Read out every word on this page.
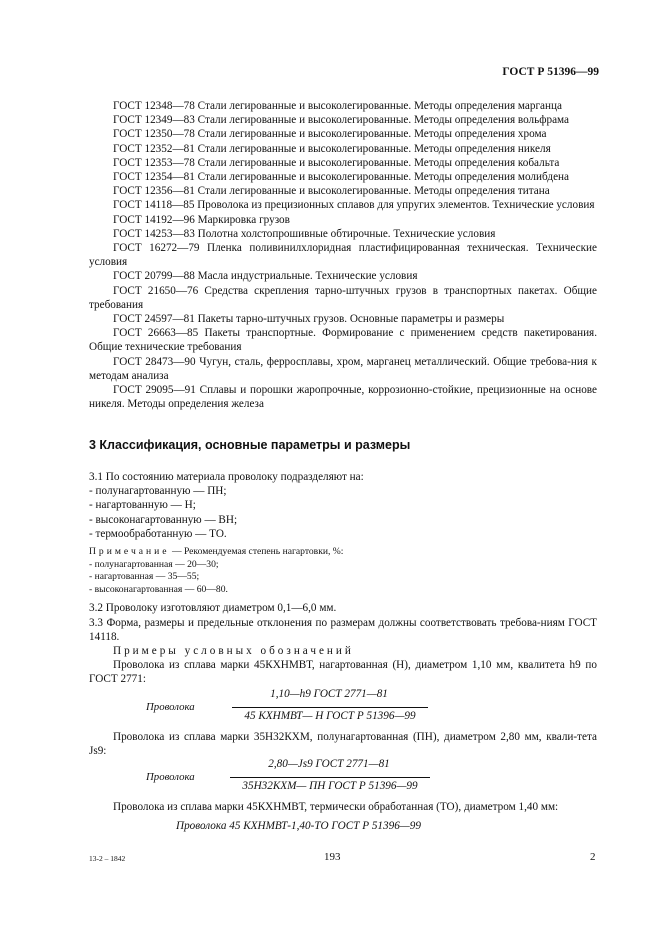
ГОСТ Р 51396—99

ГОСТ 12348—78 Стали легированные и высоколегированные. Методы определения марганца

ГОСТ 12349—83 Стали легированные и высоколегированные. Методы определения вольфрама

ГОСТ 12350—78 Стали легированные и высоколегированные. Методы определения хрома

ГОСТ 12352—81 Стали легированные и высоколегированные. Методы определения никеля

ГОСТ 12353—78 Стали легированные и высоколегированные. Методы определения кобальта

ГОСТ 12354—81 Стали легированные и высоколегированные. Методы определения молибдена

ГОСТ 12356—81 Стали легированные и высоколегированные. Методы определения титана

ГОСТ 14118—85 Проволока из прецизионных сплавов для упругих элементов. Технические условия

ГОСТ 14192—96 Маркировка грузов

ГОСТ 14253—83 Полотна холстопрошивные обтирочные. Технические условия

ГОСТ 16272—79 Пленка поливинилхлоридная пластифицированная техническая. Технические условия

ГОСТ 20799—88 Масла индустриальные. Технические условия

ГОСТ 21650—76 Средства скрепления тарно-штучных грузов в транспортных пакетах. Общие требования

ГОСТ 24597—81 Пакеты тарно-штучных грузов. Основные параметры и размеры

ГОСТ 26663—85 Пакеты транспортные. Формирование с применением средств пакетирования. Общие технические требования

ГОСТ 28473—90 Чугун, сталь, ферросплавы, хром, марганец металлический. Общие требова-ния к методам анализа

ГОСТ 29095—91 Сплавы и порошки жаропрочные, коррозионно-стойкие, прецизионные на основе никеля. Методы определения железа

3 Классификация, основные параметры и размеры

3.1 По состоянию материала проволоку подразделяют на:

- полунагартованную — ПН;

- нагартованную — Н;

- высоконагартованную — ВН;

- термообработанную — ТО.

Примечание — Рекомендуемая степень нагартовки, %:

- полунагартованная — 20—30;

- нагартованная — 35—55;

- высоконагартованная — 60—80.

3.2 Проволоку изготовляют диаметром 0,1—6,0 мм.

3.3 Форма, размеры и предельные отклонения по размерам должны соответствовать требова-ниям ГОСТ 14118.

Примеры условных обозначений

Проволока из сплава марки 45КХНМВТ, нагартованная (Н), диаметром 1,10 мм, квалитета h9 по ГОСТ 2771:

Проволока
1,10—h9 ГОСТ 2771—81
45 КХНМВТ— Н ГОСТ Р 51396—99

Проволока из сплава марки 35Н32КХМ, полунагартованная (ПН), диаметром 2,80 мм, квали-тета Js9:

Проволока
2,80—Js9 ГОСТ 2771—81
35Н32КХМ— ПН ГОСТ Р 51396—99

Проволока из сплава марки 45КХНМВТ, термически обработанная (ТО), диаметром 1,40 мм:

Проволока 45 КХНМВТ-1,40-ТО ГОСТ Р 51396—99
13-2 – 1842	193	2
